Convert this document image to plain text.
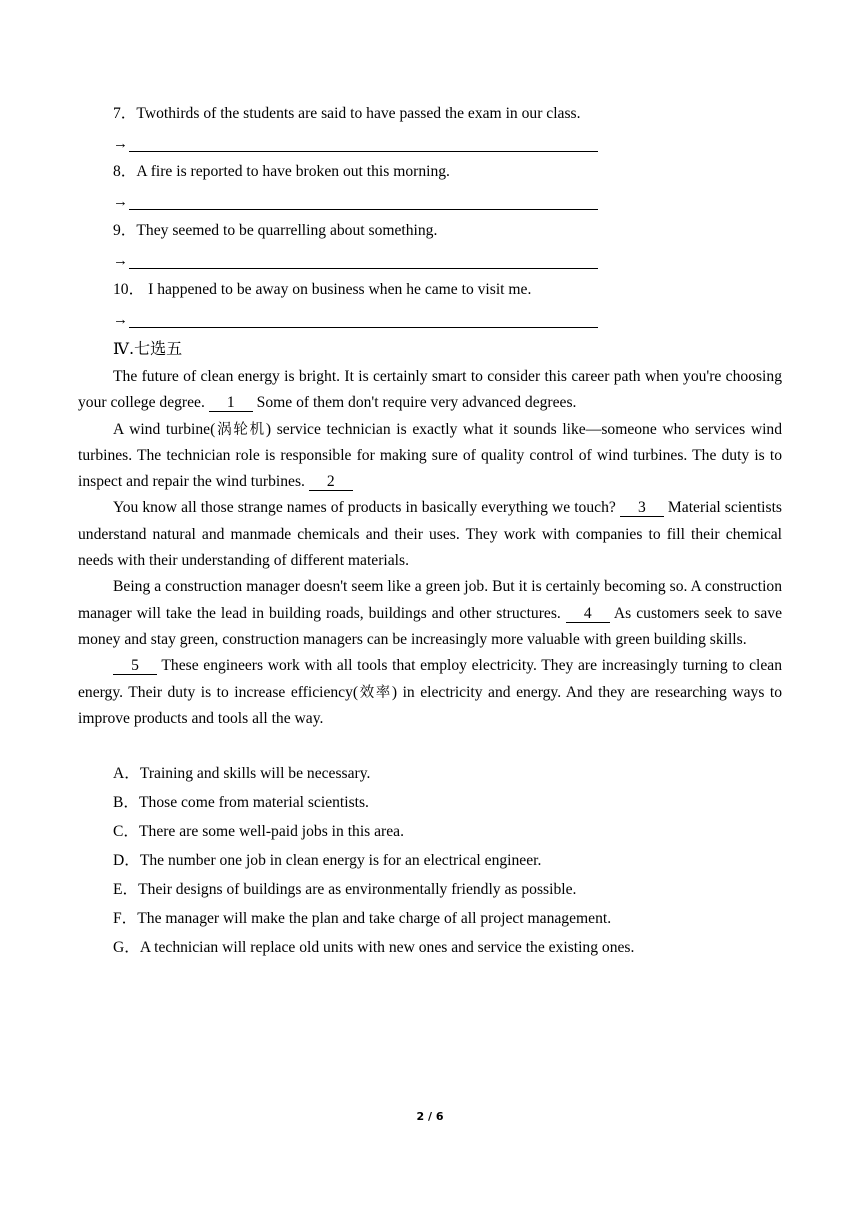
7．Twothirds of the students are said to have passed the exam in our class.
→
8．A fire is reported to have broken out this morning.
→
9．They seemed to be quarrelling about something.
→
10． I happened to be away on business when he came to visit me.
→
Ⅳ.七选五

The future of clean energy is bright. It is certainly smart to consider this career path when you're choosing your college degree. 1 Some of them don't require very advanced degrees.

A wind turbine(涡轮机) service technician is exactly what it sounds like—someone who services wind turbines. The technician role is responsible for making sure of quality control of wind turbines. The duty is to inspect and repair the wind turbines. 2

You know all those strange names of products in basically everything we touch? 3 Material scientists understand natural and manmade chemicals and their uses. They work with companies to fill their chemical needs with their understanding of different materials.

Being a construction manager doesn't seem like a green job. But it is certainly becoming so. A construction manager will take the lead in building roads, buildings and other structures. 4 As customers seek to save money and stay green, construction managers can be increasingly more valuable with green building skills.

5 These engineers work with all tools that employ electricity. They are increasingly turning to clean energy. Their duty is to increase efficiency(效率) in electricity and energy. And they are researching ways to improve products and tools all the way.

A．Training and skills will be necessary.
B．Those come from material scientists.
C．There are some well-paid jobs in this area.
D．The number one job in clean energy is for an electrical engineer.
E．Their designs of buildings are as environmentally friendly as possible.
F．The manager will make the plan and take charge of all project management.
G．A technician will replace old units with new ones and service the existing ones.
2 / 6
